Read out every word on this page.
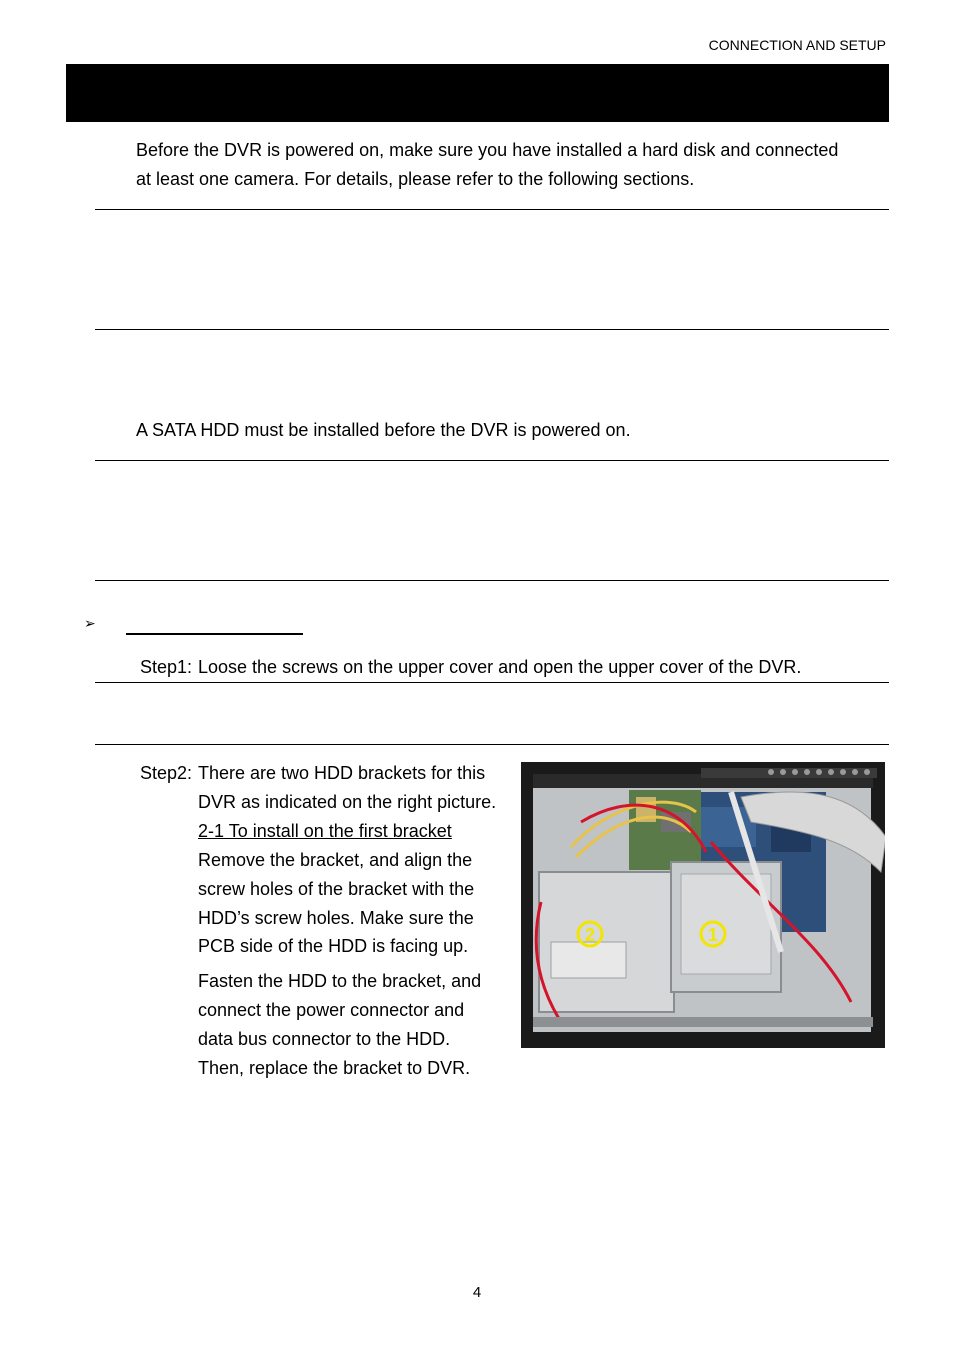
CONNECTION AND SETUP
Before the DVR is powered on, make sure you have installed a hard disk and connected
at least one camera. For details, please refer to the following sections.
A SATA HDD must be installed before the DVR is powered on.
➢
Step1: Loose the screws on the upper cover and open the upper cover of the DVR.
Step2: There are two HDD brackets for this
DVR as indicated on the right picture.
2-1 To install on the first bracket
Remove the bracket, and align the
screw holes of the bracket with the
HDD’s screw holes. Make sure the
PCB side of the HDD is facing up.
Fasten the HDD to the bracket, and
connect the power connector and
data bus connector to the HDD.
Then, replace the bracket to DVR.
2	1
4
